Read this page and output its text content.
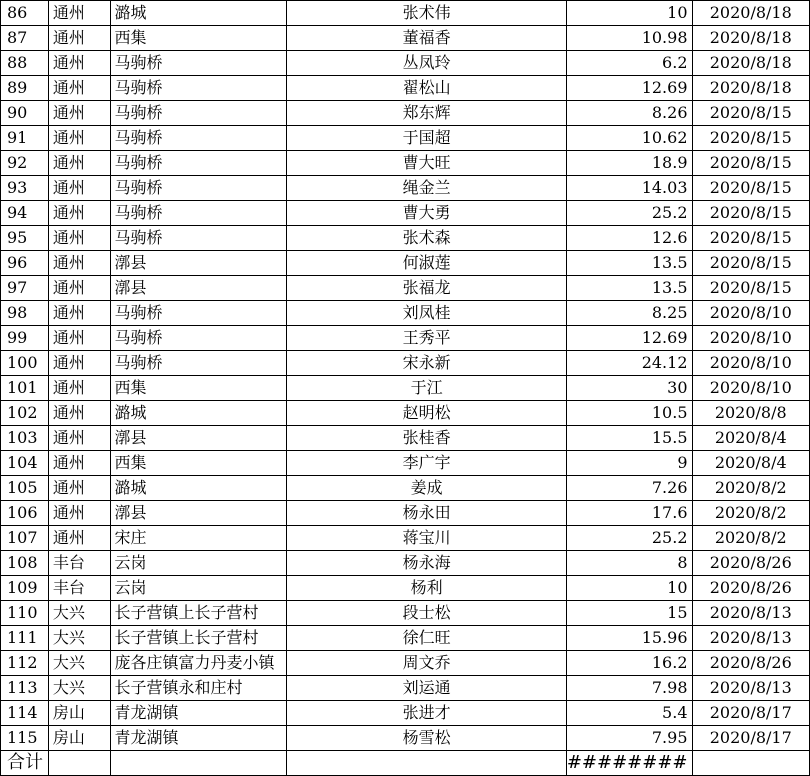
86	通州	潞城	张术伟	10	2020/8/18
87	通州	西集	董福香	10.98	2020/8/18
88	通州	马驹桥	丛凤玲	6.2	2020/8/18
89	通州	马驹桥	翟松山	12.69	2020/8/18
90	通州	马驹桥	郑东辉	8.26	2020/8/15
91	通州	马驹桥	于国超	10.62	2020/8/15
92	通州	马驹桥	曹大旺	18.9	2020/8/15
93	通州	马驹桥	绳金兰	14.03	2020/8/15
94	通州	马驹桥	曹大勇	25.2	2020/8/15
95	通州	马驹桥	张术森	12.6	2020/8/15
96	通州	漷县	何淑莲	13.5	2020/8/15
97	通州	漷县	张福龙	13.5	2020/8/15
98	通州	马驹桥	刘凤桂	8.25	2020/8/10
99	通州	马驹桥	王秀平	12.69	2020/8/10
100	通州	马驹桥	宋永新	24.12	2020/8/10
101	通州	西集	于江	30	2020/8/10
102	通州	潞城	赵明松	10.5	2020/8/8
103	通州	漷县	张桂香	15.5	2020/8/4
104	通州	西集	李广宇	9	2020/8/4
105	通州	潞城	姜成	7.26	2020/8/2
106	通州	漷县	杨永田	17.6	2020/8/2
107	通州	宋庄	蒋宝川	25.2	2020/8/2
108	丰台	云岗	杨永海	8	2020/8/26
109	丰台	云岗	杨利	10	2020/8/26
110	大兴	长子营镇上长子营村	段士松	15	2020/8/13
111	大兴	长子营镇上长子营村	徐仁旺	15.96	2020/8/13
112	大兴	庞各庄镇富力丹麦小镇	周文乔	16.2	2020/8/26
113	大兴	长子营镇永和庄村	刘运通	7.98	2020/8/13
114	房山	青龙湖镇	张进才	5.4	2020/8/17
115	房山	青龙湖镇	杨雪松	7.95	2020/8/17
合计				########	
